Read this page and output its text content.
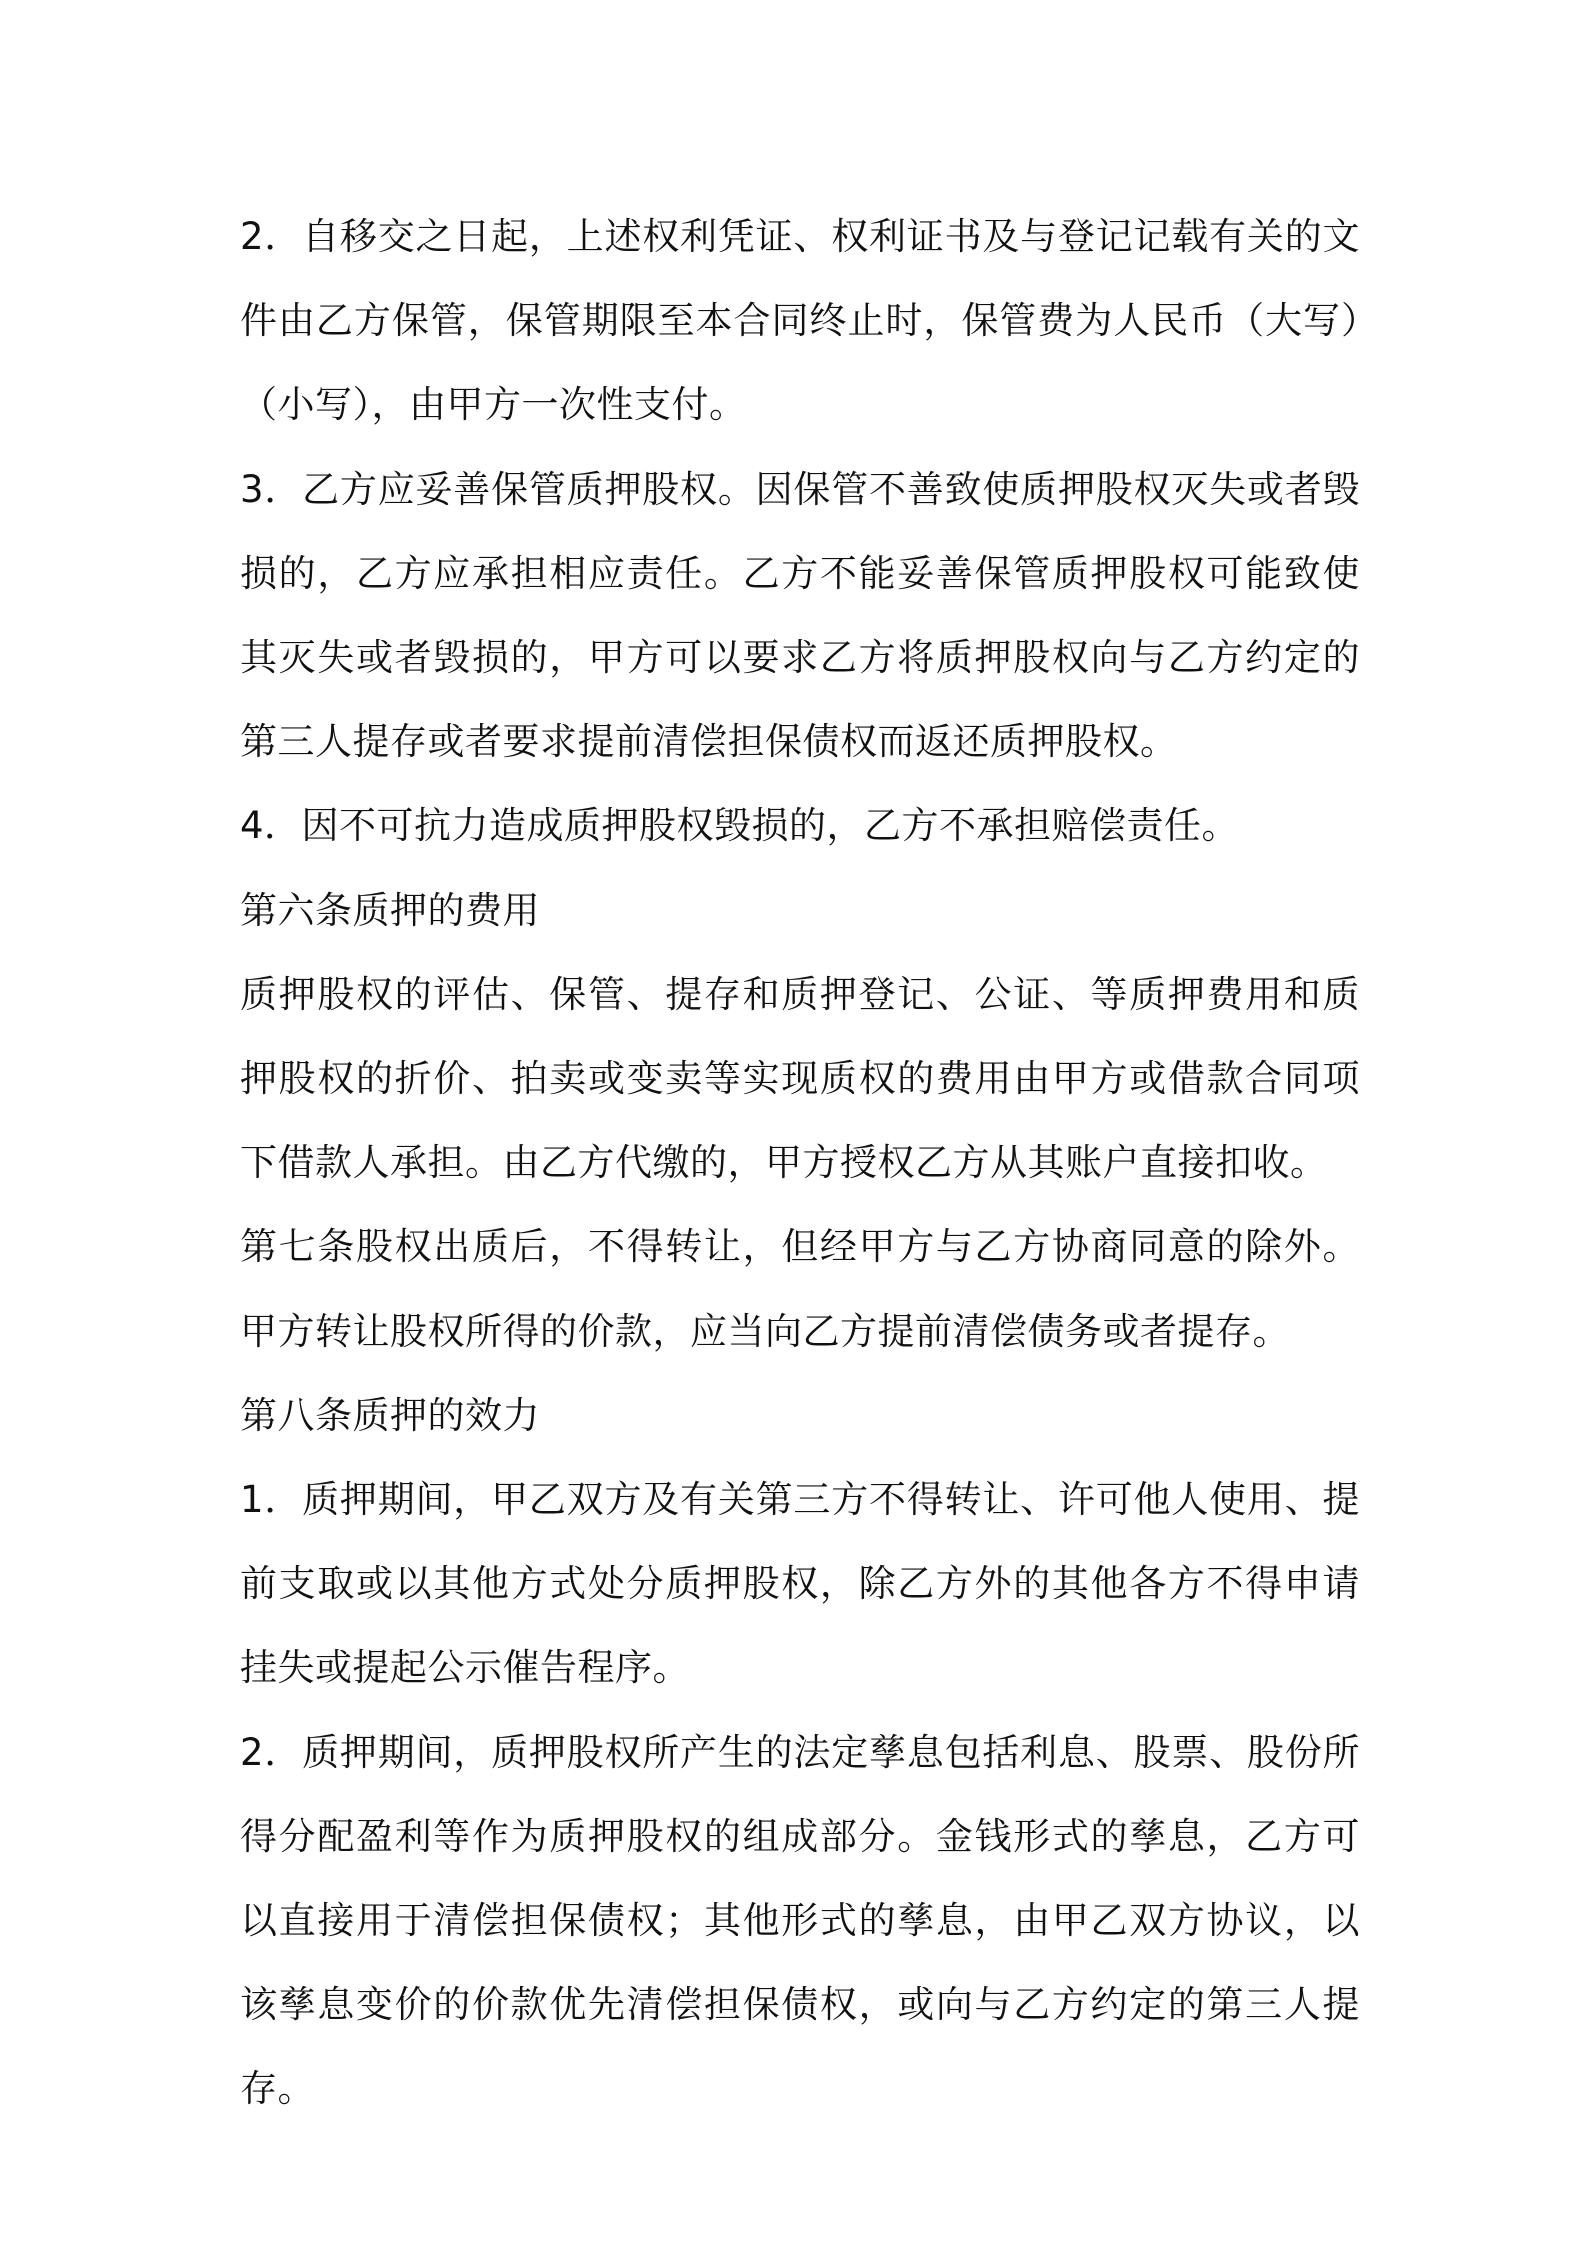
2．自移交之日起，上述权利凭证、权利证书及与登记记载有关的文件由乙方保管，保管期限至本合同终止时，保管费为人民币（大写）（小写），由甲方一次性支付。

3．乙方应妥善保管质押股权。因保管不善致使质押股权灭失或者毁损的，乙方应承担相应责任。乙方不能妥善保管质押股权可能致使其灭失或者毁损的，甲方可以要求乙方将质押股权向与乙方约定的第三人提存或者要求提前清偿担保债权而返还质押股权。

4．因不可抗力造成质押股权毁损的，乙方不承担赔偿责任。

第六条质押的费用

质押股权的评估、保管、提存和质押登记、公证、等质押费用和质押股权的折价、拍卖或变卖等实现质权的费用由甲方或借款合同项下借款人承担。由乙方代缴的，甲方授权乙方从其账户直接扣收。

第七条股权出质后，不得转让，但经甲方与乙方协商同意的除外。甲方转让股权所得的价款，应当向乙方提前清偿债务或者提存。

第八条质押的效力

1．质押期间，甲乙双方及有关第三方不得转让、许可他人使用、提前支取或以其他方式处分质押股权，除乙方外的其他各方不得申请挂失或提起公示催告程序。

2．质押期间，质押股权所产生的法定孳息包括利息、股票、股份所得分配盈利等作为质押股权的组成部分。金钱形式的孳息，乙方可以直接用于清偿担保债权；其他形式的孳息，由甲乙双方协议，以该孳息变价的价款优先清偿担保债权，或向与乙方约定的第三人提存。
